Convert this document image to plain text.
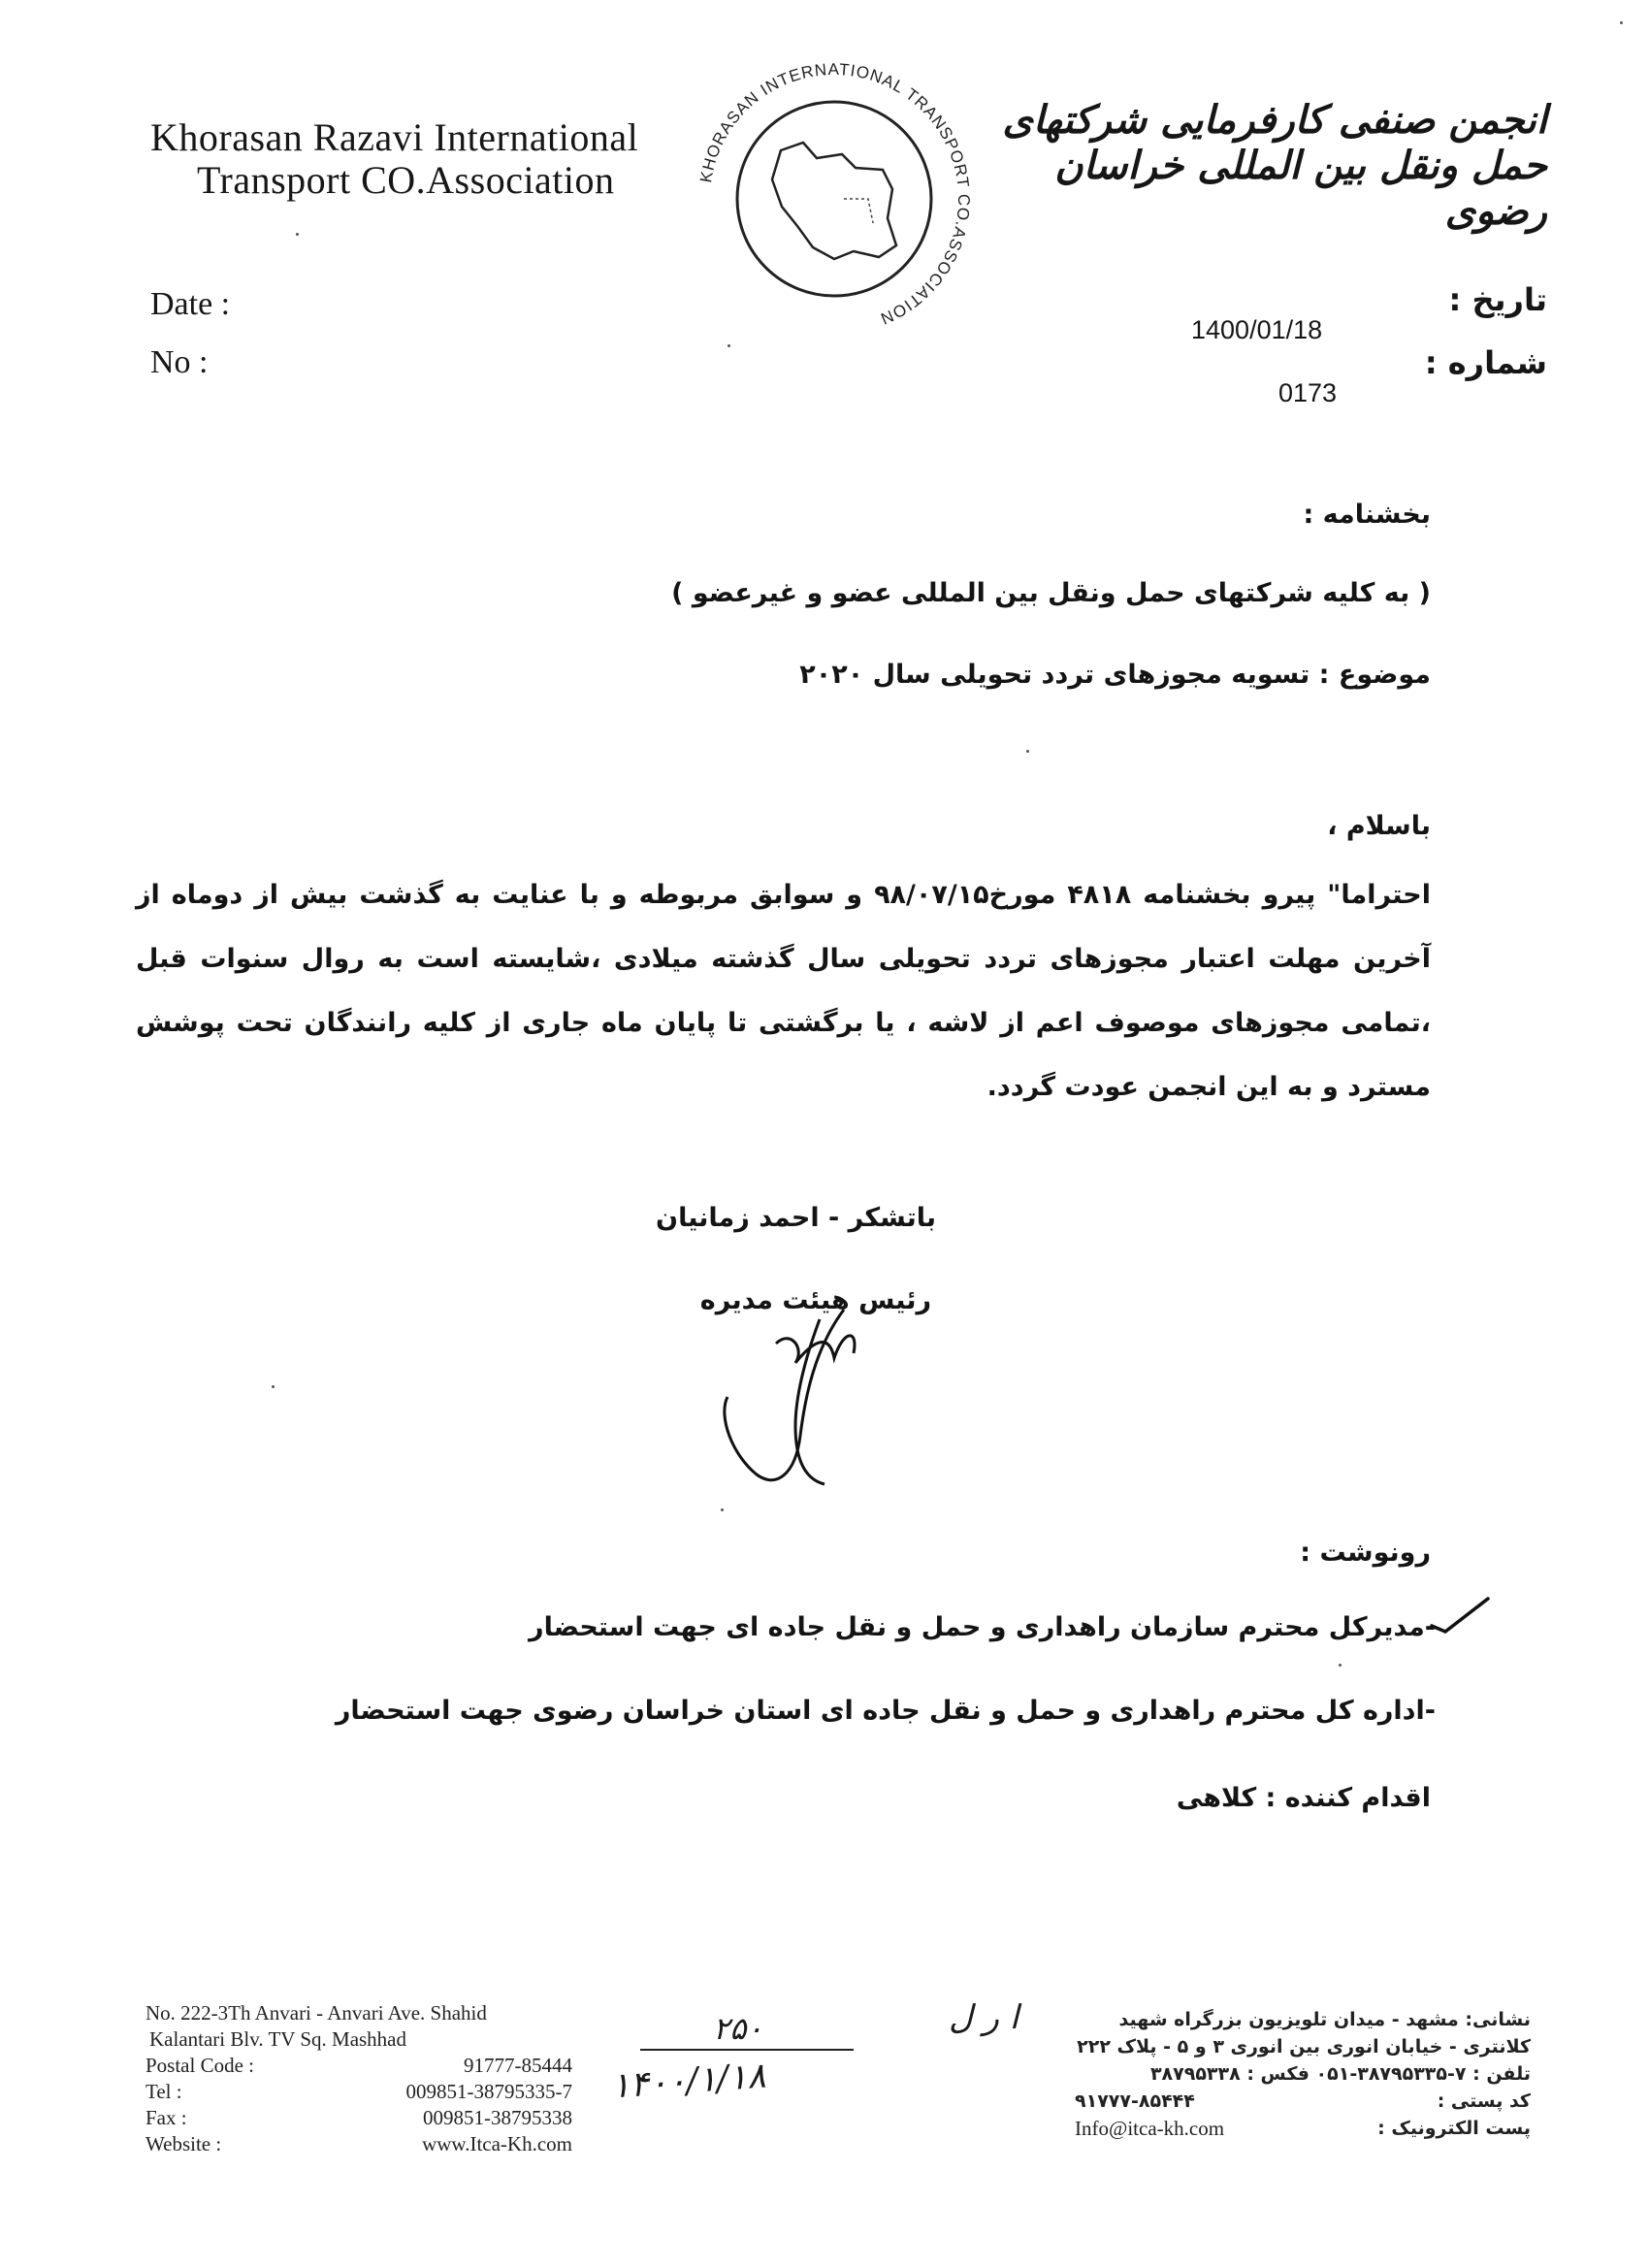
Khorasan Razavi International
Transport CO.Association	KHORASAN INTERNATIONAL TRANSPORT CO.ASSOCIATION
انجمن صنفی کارفرمایی شرکتهای حمل ونقل بین المللی خراسان رضوی
Date :
No :
تاریخ :
شماره :
1400/01/18
0173
بخشنامه :
( به کلیه شرکتهای حمل ونقل بین المللی عضو و غیرعضو )
موضوع : تسویه مجوزهای تردد تحویلی سال ۲۰۲۰
باسلام ،
احتراما" پیرو بخشنامه ۴۸۱۸ مورخ۹۸/۰۷/۱۵ و سوابق مربوطه و با عنایت به گذشت بیش از دوماه از آخرین مهلت اعتبار مجوزهای تردد تحویلی سال گذشته میلادی ،شایسته است به روال سنوات قبل ،تمامی مجوزهای موصوف اعم از لاشه ، یا برگشتی تا پایان ماه جاری از کلیه رانندگان تحت پوشش مسترد و به این انجمن عودت گردد.
باتشکر - احمد زمانیان
رئیس هیئت مدیره
رونوشت :
-مدیرکل محترم سازمان راهداری و حمل و نقل جاده ای جهت استحضار
-اداره کل محترم راهداری و حمل و نقل جاده ای استان خراسان رضوی جهت استحضار
اقدام کننده : کلاهی
۲۵۰
۱۴۰۰/۱/۱۸
ا ر ل
No. 222-3Th Anvari - Anvari Ave. Shahid
Kalantari Blv. TV Sq. Mashhad
Postal Code :	91777-85444
Tel :	009851-38795335-7
Fax :	009851-38795338
Website :	www.Itca-Kh.com
نشانی: مشهد - میدان تلویزیون بزرگراه شهید
کلانتری - خیابان انوری بین انوری ۳ و ۵ - پلاک ۲۲۲
تلفن : ۷-۳۸۷۹۵۳۳۵-۰۵۱ فکس : ۳۸۷۹۵۳۳۸
کد پستی :
۹۱۷۷۷-۸۵۴۴۴
پست الکترونیک :
Info@itca-kh.com
